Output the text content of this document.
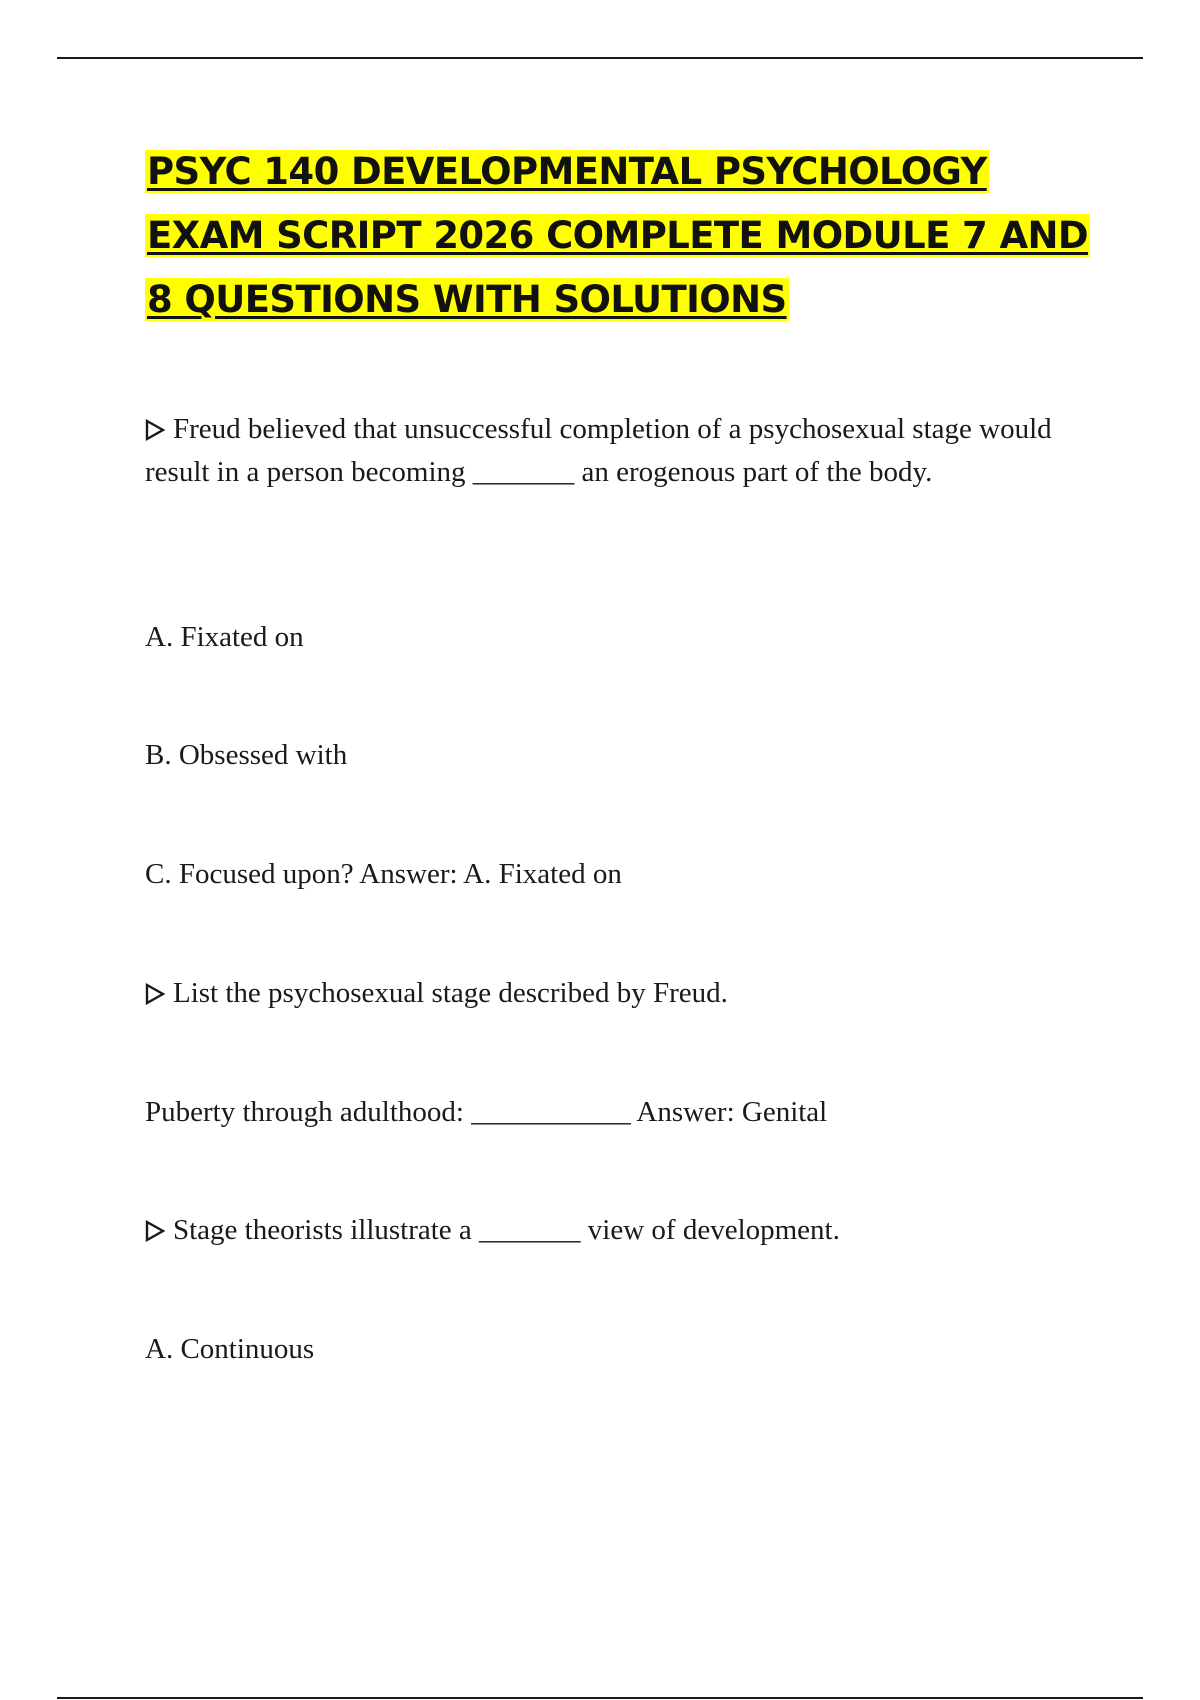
PSYC 140 DEVELOPMENTAL PSYCHOLOGY EXAM SCRIPT 2026 COMPLETE MODULE 7 AND 8 QUESTIONS WITH SOLUTIONS

Freud believed that unsuccessful completion of a psychosexual stage would result in a person becoming _______ an erogenous part of the body.

A. Fixated on

B. Obsessed with

C. Focused upon? Answer: A. Fixated on

List the psychosexual stage described by Freud.

Puberty through adulthood: ___________ Answer: Genital

Stage theorists illustrate a _______ view of development.

A. Continuous
